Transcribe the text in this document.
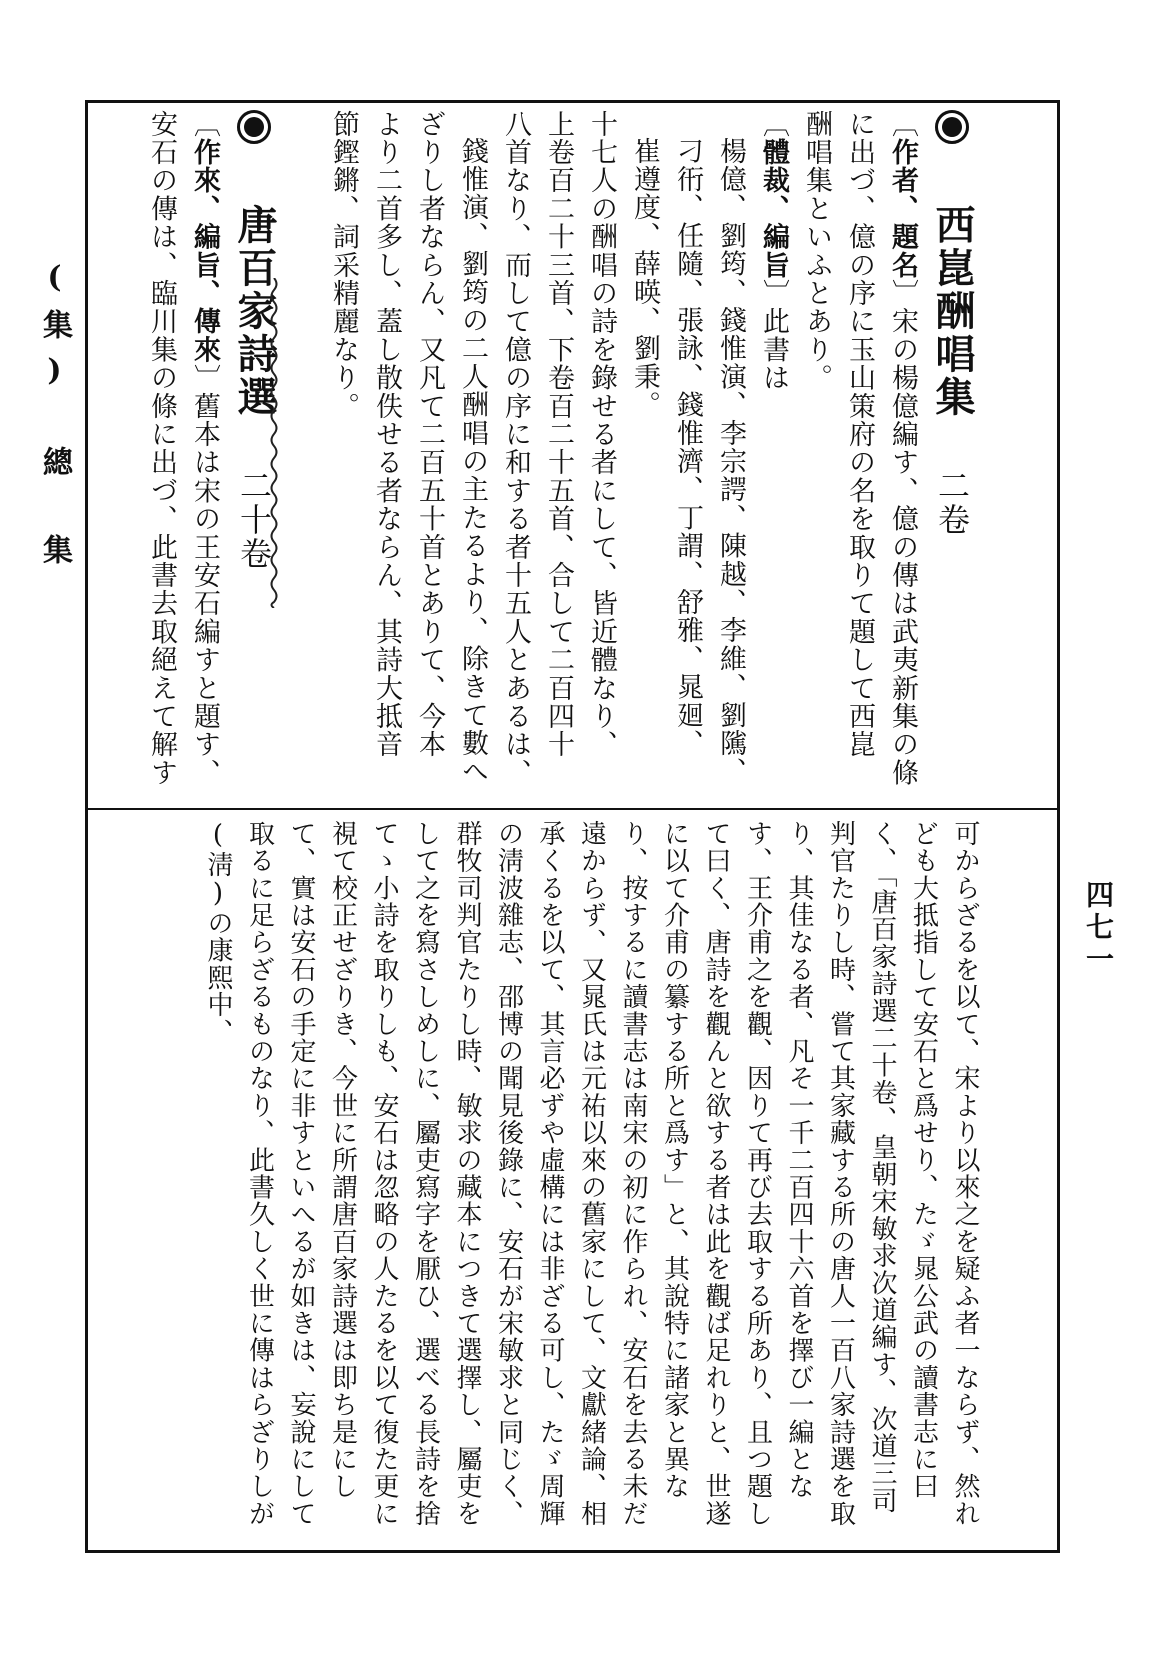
(集)　總　集
四七一
西崑酬唱集 二卷
〔 作者、題名 〕宋の楊億編す、億の傳は武夷新集の條
に出づ、億の序に玉山策府の名を取りて題して西崑
酬唱集といふとあり。
〔 體裁、編旨 〕此書は
楊億、劉筠、錢惟演、李宗諤、陳越、李維、劉隲、
刁衎、任隨、張詠、錢惟濟、丁謂、舒雅、晁廻、
崔遵度、薛暎、劉秉。
十七人の酬唱の詩を錄せる者にして、皆近體なり、
上卷百二十三首、下卷百二十五首、合して二百四十
八首なり、而して億の序に和する者十五人とあるは、
錢惟演、劉筠の二人酬唱の主たるより、除きて數へ
ざりし者ならん、又凡て二百五十首とありて、今本
より二首多し、蓋し散佚せる者ならん、其詩大抵音
節鏗鏘、詞采精麗なり。
唐百家詩選 二十卷
〔 作來、編旨、傳來 〕舊本は宋の王安石編すと題す、
安石の傳は、臨川集の條に出づ、此書去取絕えて解す

可からざるを以て、宋より以來之を疑ふ者一ならず、然れども大抵指して安石と爲せり、たゞ晁公武の讀書志に曰く、「唐百家詩選二十卷、皇朝宋敏求次道編す、次道三司判官たりし時、嘗て其家藏する所の唐人一百八家詩選を取り、其佳なる者、凡そ一千二百四十六首を擇び一編となす、王介甫之を觀、因りて再び去取する所あり、且つ題して曰く、唐詩を觀んと欲する者は此を觀ば足れりと、世遂に以て介甫の纂する所と爲す」と、其說特に諸家と異なり、按するに讀書志は南宋の初に作られ、安石を去る未だ遠からず、又晁氏は元祐以來の舊家にして、文獻緒論、相承くるを以て、其言必ずや虛構には非ざる可し、たゞ周輝の淸波雜志、邵博の聞見後錄に、安石が宋敏求と同じく、群牧司判官たりし時、敏求の藏本につきて選擇し、屬吏をして之を寫さしめしに、屬吏寫字を厭ひ、選べる長詩を捨てゝ小詩を取りしも、安石は忽略の人たるを以て復た更に視て校正せざりき、今世に所謂唐百家詩選は即ち是にして、實は安石の手定に非すといへるが如きは、妄說にして取るに足らざるものなり、此書久しく世に傳はらざりしが(淸)の康熙中、
